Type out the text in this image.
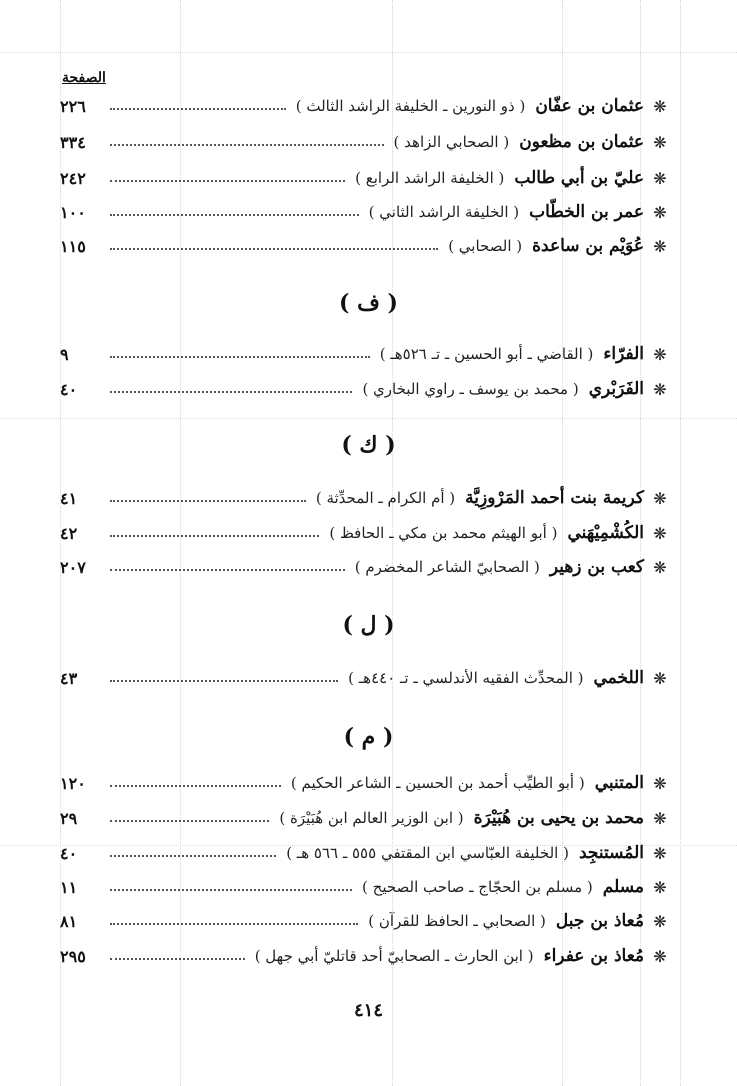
الصفحة
❋
عثمان بن عفّان
( ذو النورين ـ الخليفة الراشد الثالث )
٢٢٦
❋
عثمان بن مظعون
( الصحابي الزاهد )
٣٣٤
❋
عليّ بن أبي طالب
( الخليفة الراشد الرابع )
٢٤٢
❋
عمر بن الخطّاب
( الخليفة الراشد الثاني )
١٠٠
❋
عُوَيْم بن ساعدة
( الصحابي )
١١٥
( ف )
❋
الفرّاء
( القاضي ـ أبو الحسين ـ تـ ٥٢٦هـ )
٩
❋
الفَرَبْري
( محمد بن يوسف ـ راوي البخاري )
٤٠
( ك )
❋
كريمة بنت أحمد المَرْوزِيَّة
( أم الكرام ـ المحدِّثة )
٤١
❋
الكُشْمِيْهَني
( أبو الهيثم محمد بن مكي ـ الحافظ )
٤٢
❋
كعب بن زهير
( الصحابيّ الشاعر المخضرم )
٢٠٧
( ل )
❋
اللخمي
( المحدِّث الفقيه الأندلسي ـ تـ ٤٤٠هـ )
٤٣
( م )
❋
المتنبي
( أبو الطيِّب أحمد بن الحسين ـ الشاعر الحكيم )
١٢٠
❋
محمد بن يحيى بن هُبَيْرَة
( ابن الوزير العالم ابن هُبَيْرَة )
٢٩
❋
المُستنجِد
( الخليفة العبّاسي ابن المقتفي ٥٥٥ ـ ٥٦٦ هـ )
٤٠
❋
مسلم
( مسلم بن الحجّاج ـ صاحب الصحيح )
١١
❋
مُعاذ بن جبل
( الصحابي ـ الحافظ للقرآن )
٨١
❋
مُعاذ بن عفراء
( ابن الحارث ـ الصحابيّ أحد قاتليّ أبي جهل )
٢٩٥
٤١٤
